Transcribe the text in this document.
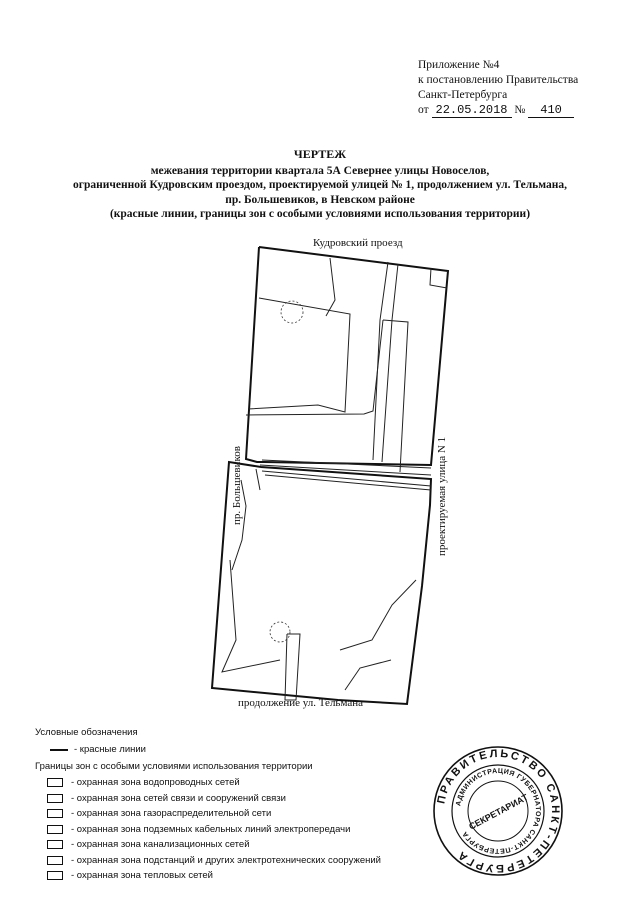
Приложение №4
к постановлению Правительства
Санкт-Петербурга
от 22.05.2018 № 410
ЧЕРТЕЖ
межевания территории квартала 5А Севернее улицы Новоселов,
ограниченной Кудровским проездом, проектируемой улицей № 1, продолжением ул. Тельмана,
пр. Большевиков, в Невском районе
(красные линии, границы зон с особыми условиями использования территории)
Кудровский проезд
пр. Большевиков	проектируемая улица N 1
продолжение ул. Тельмана
Условные обозначения
- красные линии
Границы зон с особыми условиями использования территории
- охранная зона водопроводных сетей
- охранная зона сетей связи и сооружений связи
- охранная зона газораспределительной сети
- охранная зона подземных кабельных линий электропередачи
- охранная зона канализационных сетей
- охранная зона подстанций и других электротехнических сооружений
- охранная зона тепловых сетей
ПРАВИТЕЛЬСТВО САНКТ-ПЕТЕРБУРГА
АДМИНИСТРАЦИЯ ГУБЕРНАТОРА САНКТ-ПЕТЕРБУРГА
СЕКРЕТАРИАТ
